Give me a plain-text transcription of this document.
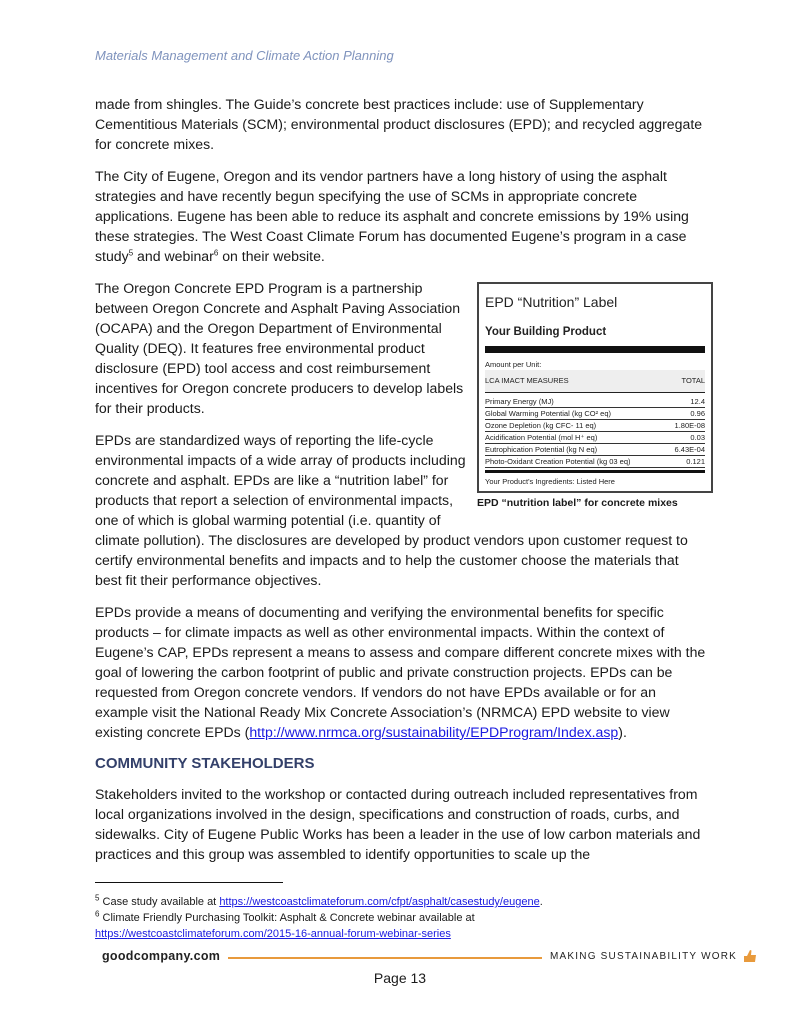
Materials Management and Climate Action Planning

made from shingles. The Guide’s concrete best practices include: use of Supplementary Cementitious Materials (SCM); environmental product disclosures (EPD); and recycled aggregate for concrete mixes.

The City of Eugene, Oregon and its vendor partners have a long history of using the asphalt strategies and have recently begun specifying the use of SCMs in appropriate concrete applications. Eugene has been able to reduce its asphalt and concrete emissions by 19% using these strategies. The West Coast Climate Forum has documented Eugene’s program in a case study$^5$ and webinar$^6$ on their website.

EPD “Nutrition” Label
Your Building Product
Amount per Unit:
LCA IMACT MEASURES	TOTAL
Primary Energy (MJ)	12.4
Global Warming Potential (kg CO² eq)	0.96
Ozone Depletion (kg CFC- 11 eq)	1.80E-08
Acidification Potential (mol H⁺ eq)	0.03
Eutrophication Potential (kg N eq)	6.43E-04
Photo-Oxidant Creation Potential (kg 03 eq)	0.121
Your Product's Ingredients: Listed Here
EPD “nutrition label” for concrete mixes

The Oregon Concrete EPD Program is a partnership between Oregon Concrete and Asphalt Paving Association (OCAPA) and the Oregon Department of Environmental Quality (DEQ). It features free environmental product disclosure (EPD) tool access and cost reimbursement incentives for Oregon concrete producers to develop labels for their products.

EPDs are standardized ways of reporting the life-cycle environmental impacts of a wide array of products including concrete and asphalt. EPDs are like a “nutrition label” for products that report a selection of environmental impacts, one of which is global warming potential (i.e. quantity of climate pollution). The disclosures are developed by product vendors upon customer request to certify environmental benefits and impacts and to help the customer choose the materials that best fit their performance objectives.

EPDs provide a means of documenting and verifying the environmental benefits for specific products – for climate impacts as well as other environmental impacts. Within the context of Eugene’s CAP, EPDs represent a means to assess and compare different concrete mixes with the goal of lowering the carbon footprint of public and private construction projects. EPDs can be requested from Oregon concrete vendors. If vendors do not have EPDs available or for an example visit the National Ready Mix Concrete Association’s (NRMCA) EPD website to view existing concrete EPDs (http://www.nrmca.org/sustainability/EPDProgram/Index.asp).

COMMUNITY STAKEHOLDERS

Stakeholders invited to the workshop or contacted during outreach included representatives from local organizations involved in the design, specifications and construction of roads, curbs, and sidewalks. City of Eugene Public Works has been a leader in the use of low carbon materials and practices and this group was assembled to identify opportunities to scale up the

$^5$ Case study available at https://westcoastclimateforum.com/cfpt/asphalt/casestudy/eugene.
$^6$ Climate Friendly Purchasing Toolkit: Asphalt & Concrete webinar available at
https://westcoastclimateforum.com/2015-16-annual-forum-webinar-series
goodcompany.com	MAKING SUSTAINABILITY WORK
Page 13
